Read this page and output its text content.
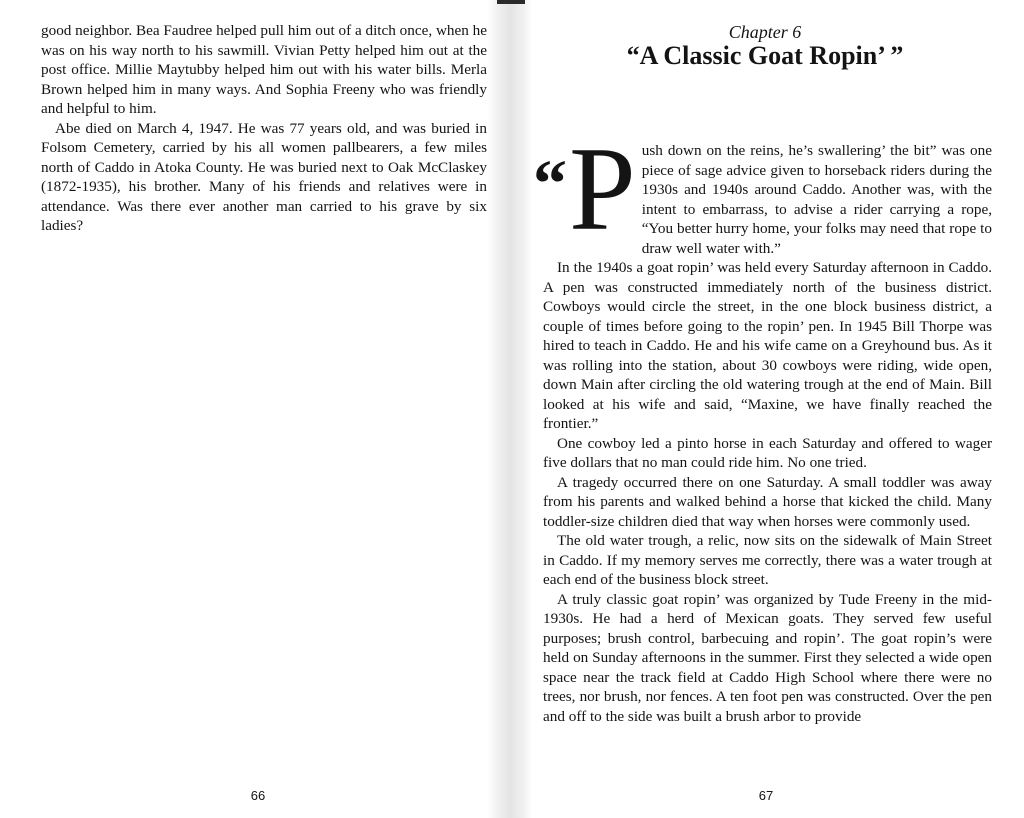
good neighbor. Bea Faudree helped pull him out of a ditch once, when he was on his way north to his sawmill. Vivian Petty helped him out at the post office. Millie Maytubby helped him out with his water bills. Merla Brown helped him in many ways. And Sophia Freeny who was friendly and helpful to him.

Abe died on March 4, 1947. He was 77 years old, and was buried in Folsom Cemetery, carried by his all women pallbearers, a few miles north of Caddo in Atoka County. He was buried next to Oak McClaskey (1872-1935), his brother. Many of his friends and relatives were in attendance. Was there ever another man carried to his grave by six ladies?

66
Chapter 6
“A Classic Goat Ropin’ ”

“ P ush down on the reins, he’s swallering’ the bit” was one piece of sage advice given to horseback riders during the 1930s and 1940s around Caddo. Another was, with the intent to embarrass, to advise a rider carrying a rope, “You better hurry home, your folks may need that rope to draw well water with.”

In the 1940s a goat ropin’ was held every Saturday afternoon in Caddo. A pen was constructed immediately north of the business district. Cowboys would circle the street, in the one block business district, a couple of times before going to the ropin’ pen. In 1945 Bill Thorpe was hired to teach in Caddo. He and his wife came on a Greyhound bus. As it was rolling into the station, about 30 cowboys were riding, wide open, down Main after circling the old watering trough at the end of Main. Bill looked at his wife and said, “Maxine, we have finally reached the frontier.”

One cowboy led a pinto horse in each Saturday and offered to wager five dollars that no man could ride him. No one tried.

A tragedy occurred there on one Saturday. A small toddler was away from his parents and walked behind a horse that kicked the child. Many toddler-size children died that way when horses were commonly used.

The old water trough, a relic, now sits on the sidewalk of Main Street in Caddo. If my memory serves me correctly, there was a water trough at each end of the business block street.

A truly classic goat ropin’ was organized by Tude Freeny in the mid-1930s. He had a herd of Mexican goats. They served few useful purposes; brush control, barbecuing and ropin’. The goat ropin’s were held on Sunday afternoons in the summer. First they selected a wide open space near the track field at Caddo High School where there were no trees, nor brush, nor fences. A ten foot pen was constructed. Over the pen and off to the side was built a brush arbor to provide

67
